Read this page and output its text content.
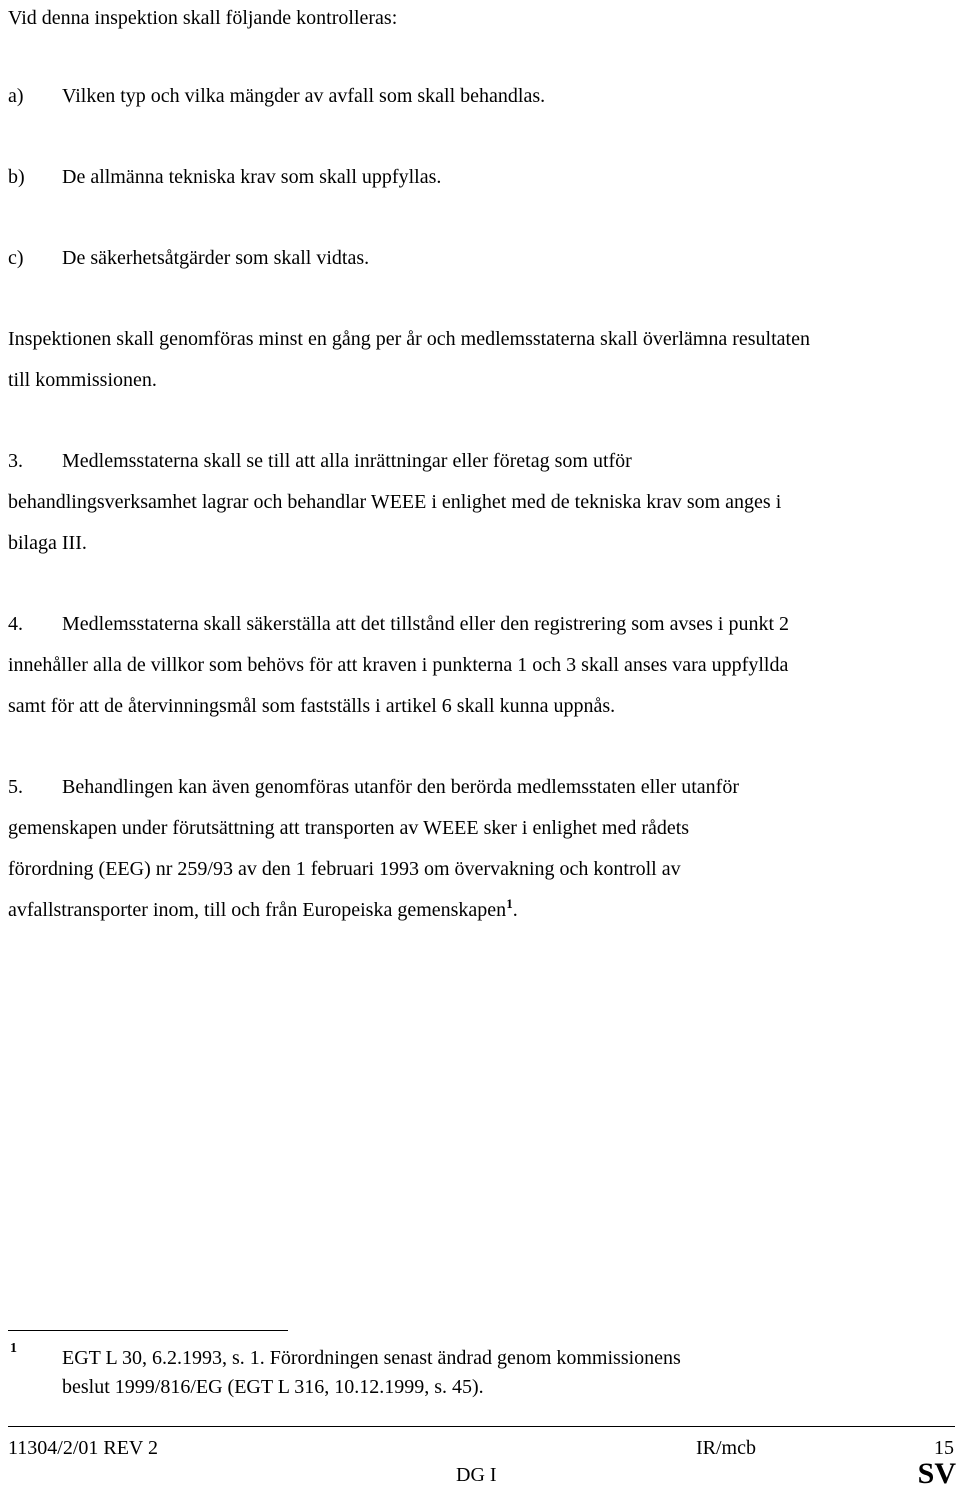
Vid denna inspektion skall följande kontrolleras:
a) Vilken typ och vilka mängder av avfall som skall behandlas.
b) De allmänna tekniska krav som skall uppfyllas.
c) De säkerhetsåtgärder som skall vidtas.
Inspektionen skall genomföras minst en gång per år och medlemsstaterna skall överlämna resultaten
till kommissionen.
3. Medlemsstaterna skall se till att alla inrättningar eller företag som utför
behandlingsverksamhet lagrar och behandlar WEEE i enlighet med de tekniska krav som anges i
bilaga III.
4. Medlemsstaterna skall säkerställa att det tillstånd eller den registrering som avses i punkt 2
innehåller alla de villkor som behövs för att kraven i punkterna 1 och 3 skall anses vara uppfyllda
samt för att de återvinningsmål som fastställs i artikel 6 skall kunna uppnås.
5. Behandlingen kan även genomföras utanför den berörda medlemsstaten eller utanför
gemenskapen under förutsättning att transporten av WEEE sker i enlighet med rådets
förordning (EEG) nr 259/93 av den 1 februari 1993 om övervakning och kontroll av
avfallstransporter inom, till och från Europeiska gemenskapen$^1$.
1 EGT L 30, 6.2.1993, s. 1. Förordningen senast ändrad genom kommissionens
beslut 1999/816/EG (EGT L 316, 10.12.1999, s. 45).
11304/2/01 REV 2	IR/mcb	15
DG I	SV
